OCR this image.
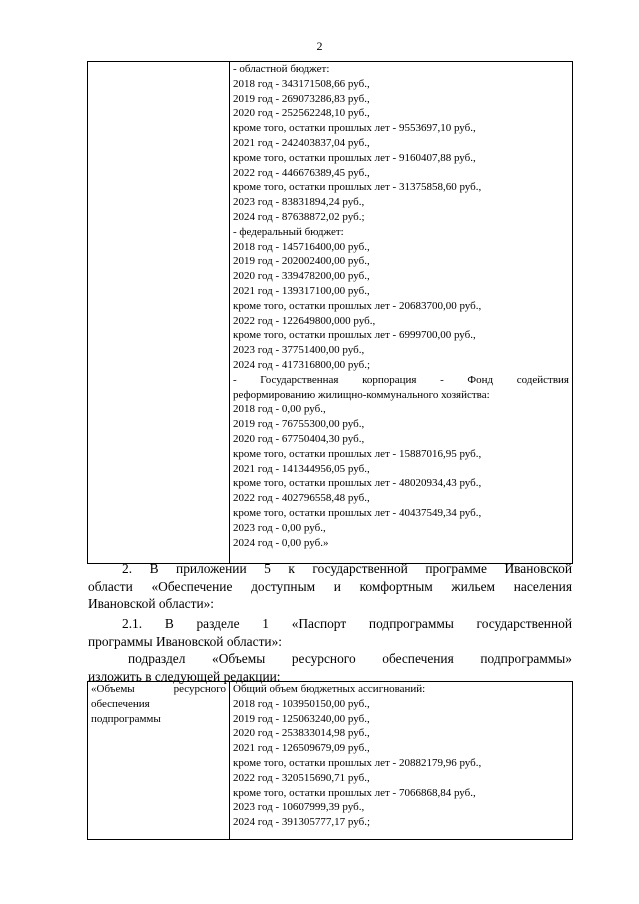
2

- областной бюджет:
2018 год - 343171508,66 руб.,
2019 год - 269073286,83 руб.,
2020 год - 252562248,10 руб.,
кроме того, остатки прошлых лет - 9553697,10 руб.,
2021 год - 242403837,04 руб.,
кроме того, остатки прошлых лет - 9160407,88 руб.,
2022 год - 446676389,45 руб.,
кроме того, остатки прошлых лет - 31375858,60 руб.,
2023 год - 83831894,24 руб.,
2024 год - 87638872,02 руб.;
- федеральный бюджет:
2018 год - 145716400,00 руб.,
2019 год - 202002400,00 руб.,
2020 год - 339478200,00 руб.,
2021 год - 139317100,00 руб.,
кроме того, остатки прошлых лет - 20683700,00 руб.,
2022 год - 122649800,000 руб.,
кроме того, остатки прошлых лет - 6999700,00 руб.,
2023 год - 37751400,00 руб.,
2024 год - 417316800,00 руб.;
- Государственная корпорация - Фонд содействия
реформированию жилищно-коммунального хозяйства:
2018 год - 0,00 руб.,
2019 год - 76755300,00 руб.,
2020 год - 67750404,30 руб.,
кроме того, остатки прошлых лет - 15887016,95 руб.,
2021 год - 141344956,05 руб.,
кроме того, остатки прошлых лет - 48020934,43 руб.,
2022 год - 402796558,48 руб.,
кроме того, остатки прошлых лет - 40437549,34 руб.,
2023 год - 0,00 руб.,
2024 год - 0,00 руб.»
2. В приложении 5 к государственной программе Ивановской
области «Обеспечение доступным и комфортным жильем населения
Ивановской области»:
2.1. В разделе 1 «Паспорт подпрограммы государственной
программы Ивановской области»:
подраздел «Объемы ресурсного обеспечения подпрограммы»
изложить в следующей редакции:
«Объемы ресурсного
обеспечения
подпрограммы

Общий объем бюджетных ассигнований:
2018 год - 103950150,00 руб.,
2019 год - 125063240,00 руб.,
2020 год - 253833014,98 руб.,
2021 год - 126509679,09 руб.,
кроме того, остатки прошлых лет - 20882179,96 руб.,
2022 год - 320515690,71 руб.,
кроме того, остатки прошлых лет - 7066868,84 руб.,
2023 год - 10607999,39 руб.,
2024 год - 391305777,17 руб.;
